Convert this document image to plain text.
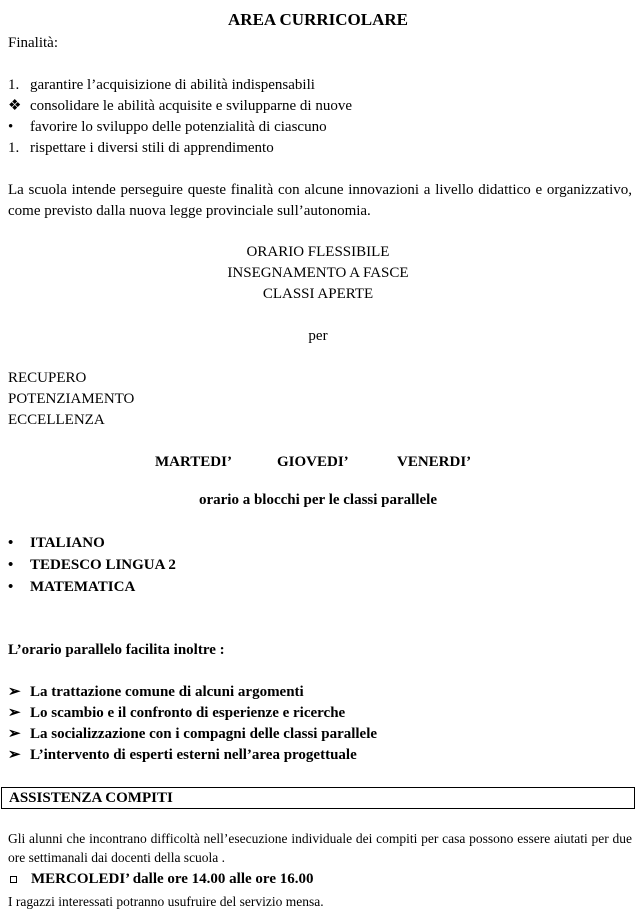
AREA CURRICOLARE
Finalità:
1. garantire l’acquisizione di abilità indispensabili
❖ consolidare le abilità acquisite e svilupparne di nuove
• favorire lo sviluppo delle potenzialità di ciascuno
1. rispettare i diversi stili di apprendimento
La scuola intende perseguire queste finalità con alcune innovazioni a livello didattico e organizzativo, come previsto dalla nuova legge provinciale sull’autonomia.
ORARIO FLESSIBILE
INSEGNAMENTO A FASCE
CLASSI APERTE
per
RECUPERO
POTENZIAMENTO
ECCELLENZA
MARTEDI’	GIOVEDI’	VENERDI’
orario a blocchi per le classi parallele
• ITALIANO
• TEDESCO LINGUA 2
• MATEMATICA
L’orario parallelo facilita inoltre :
➢ La trattazione comune di alcuni argomenti
➢ Lo scambio e il confronto di esperienze e ricerche
➢ La socializzazione con i compagni delle classi parallele
➢ L’intervento di esperti esterni nell’area progettuale
ASSISTENZA COMPITI
Gli alunni che incontrano difficoltà nell’esecuzione individuale dei compiti per casa possono essere aiutati per due ore settimanali dai docenti della scuola .
MERCOLEDI’ dalle ore 14.00 alle ore 16.00
I ragazzi interessati potranno usufruire del servizio mensa.
